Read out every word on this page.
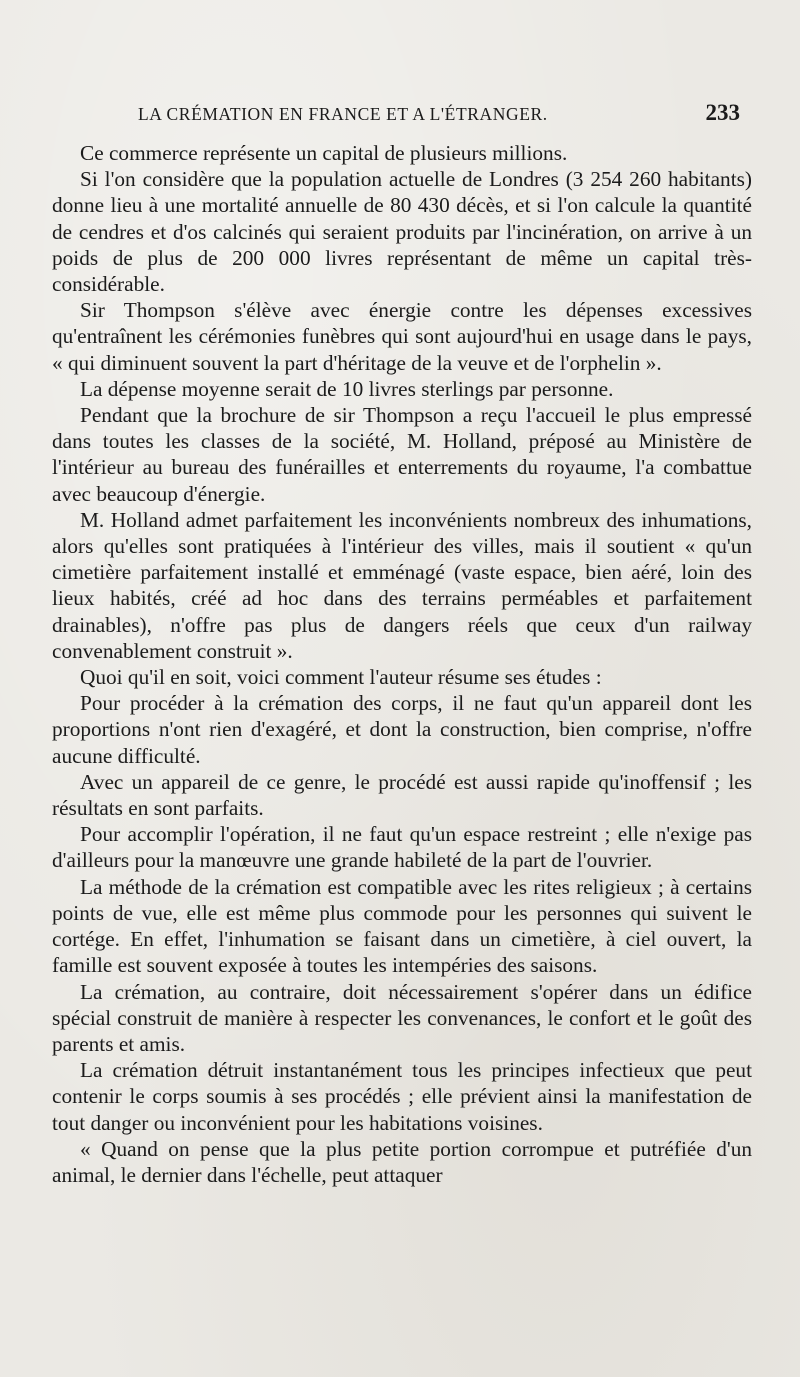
LA CRÉMATION EN FRANCE ET A L'ÉTRANGER.	233

Ce commerce représente un capital de plusieurs millions.

Si l'on considère que la population actuelle de Londres (3 254 260 habitants) donne lieu à une mortalité annuelle de 80 430 décès, et si l'on calcule la quantité de cendres et d'os calcinés qui seraient produits par l'incinération, on arrive à un poids de plus de 200 000 livres représentant de même un capital très-considérable.

Sir Thompson s'élève avec énergie contre les dépenses excessives qu'entraînent les cérémonies funèbres qui sont aujourd'hui en usage dans le pays, « qui diminuent souvent la part d'héritage de la veuve et de l'orphelin ».

La dépense moyenne serait de 10 livres sterlings par personne.

Pendant que la brochure de sir Thompson a reçu l'accueil le plus empressé dans toutes les classes de la société, M. Holland, préposé au Ministère de l'intérieur au bureau des funérailles et enterrements du royaume, l'a combattue avec beaucoup d'énergie.

M. Holland admet parfaitement les inconvénients nombreux des inhumations, alors qu'elles sont pratiquées à l'intérieur des villes, mais il soutient « qu'un cimetière parfaitement installé et emménagé (vaste espace, bien aéré, loin des lieux habités, créé ad hoc dans des terrains perméables et parfaitement drainables), n'offre pas plus de dangers réels que ceux d'un railway convenablement construit ».

Quoi qu'il en soit, voici comment l'auteur résume ses études :

Pour procéder à la crémation des corps, il ne faut qu'un appareil dont les proportions n'ont rien d'exagéré, et dont la construction, bien comprise, n'offre aucune difficulté.

Avec un appareil de ce genre, le procédé est aussi rapide qu'inoffensif ; les résultats en sont parfaits.

Pour accomplir l'opération, il ne faut qu'un espace restreint ; elle n'exige pas d'ailleurs pour la manœuvre une grande habileté de la part de l'ouvrier.

La méthode de la crémation est compatible avec les rites religieux ; à certains points de vue, elle est même plus commode pour les personnes qui suivent le cortége. En effet, l'inhumation se faisant dans un cimetière, à ciel ouvert, la famille est souvent exposée à toutes les intempéries des saisons.

La crémation, au contraire, doit nécessairement s'opérer dans un édifice spécial construit de manière à respecter les convenances, le confort et le goût des parents et amis.

La crémation détruit instantanément tous les principes infectieux que peut contenir le corps soumis à ses procédés ; elle prévient ainsi la manifestation de tout danger ou inconvénient pour les habitations voisines.

« Quand on pense que la plus petite portion corrompue et putréfiée d'un animal, le dernier dans l'échelle, peut attaquer
